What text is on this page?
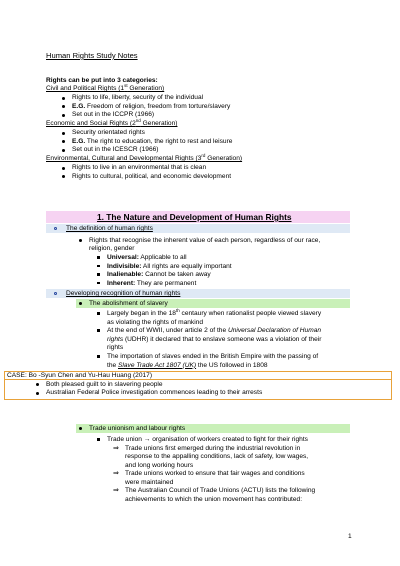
Human Rights Study Notes
Rights can be put into 3 categories:
Civil and Political Rights (1st Generation)
Rights to life, liberty, security of the individual
E.G. Freedom of religion, freedom from torture/slavery
Set out in the ICCPR (1966)
Economic and Social Rights (2nd Generation)
Security orientated rights
E.G. The right to education, the right to rest and leisure
Set out in the ICESCR (1966)
Environmental, Cultural and Developmental Rights (3rd Generation)
Rights to live in an environmental that is clean
Rights to cultural, political, and economic development
1. The Nature and Development of Human Rights
The definition of human rights
Rights that recognise the inherent value of each person, regardless of our race,
religion, gender
Universal: Applicable to all
Indivisible: All rights are equally important
Inalienable: Cannot be taken away
Inherent: They are permanent
Developing recognition of human rights
The abolishment of slavery
Largely began in the 18th centaury when rationalist people viewed slavery
as violating the rights of mankind
At the end of WWII, under article 2 of the Universal Declaration of Human
rights (UDHR) it declared that to enslave someone was a violation of their
rights
The importation of slaves ended in the British Empire with the passing of
the Slave Trade Act 1807 (UK) the US followed in 1808
CASE: Bo -Syun Chen and Yu-Hau Huang (2017)
Both pleased guilt to in slavering people
Australian Federal Police investigation commences leading to their arrests
Trade unionism and labour rights
Trade union → organisation of workers created to fight for their rights
⇒ Trade unions first emerged during the industrial revolution in
response to the appalling conditions, lack of safety, low wages,
and long working hours
⇒ Trade unions worked to ensure that fair wages and conditions
were maintained
⇒ The Australian Council of Trade Unions (ACTU) lists the following
achievements to which the union movement has contributed:
1
